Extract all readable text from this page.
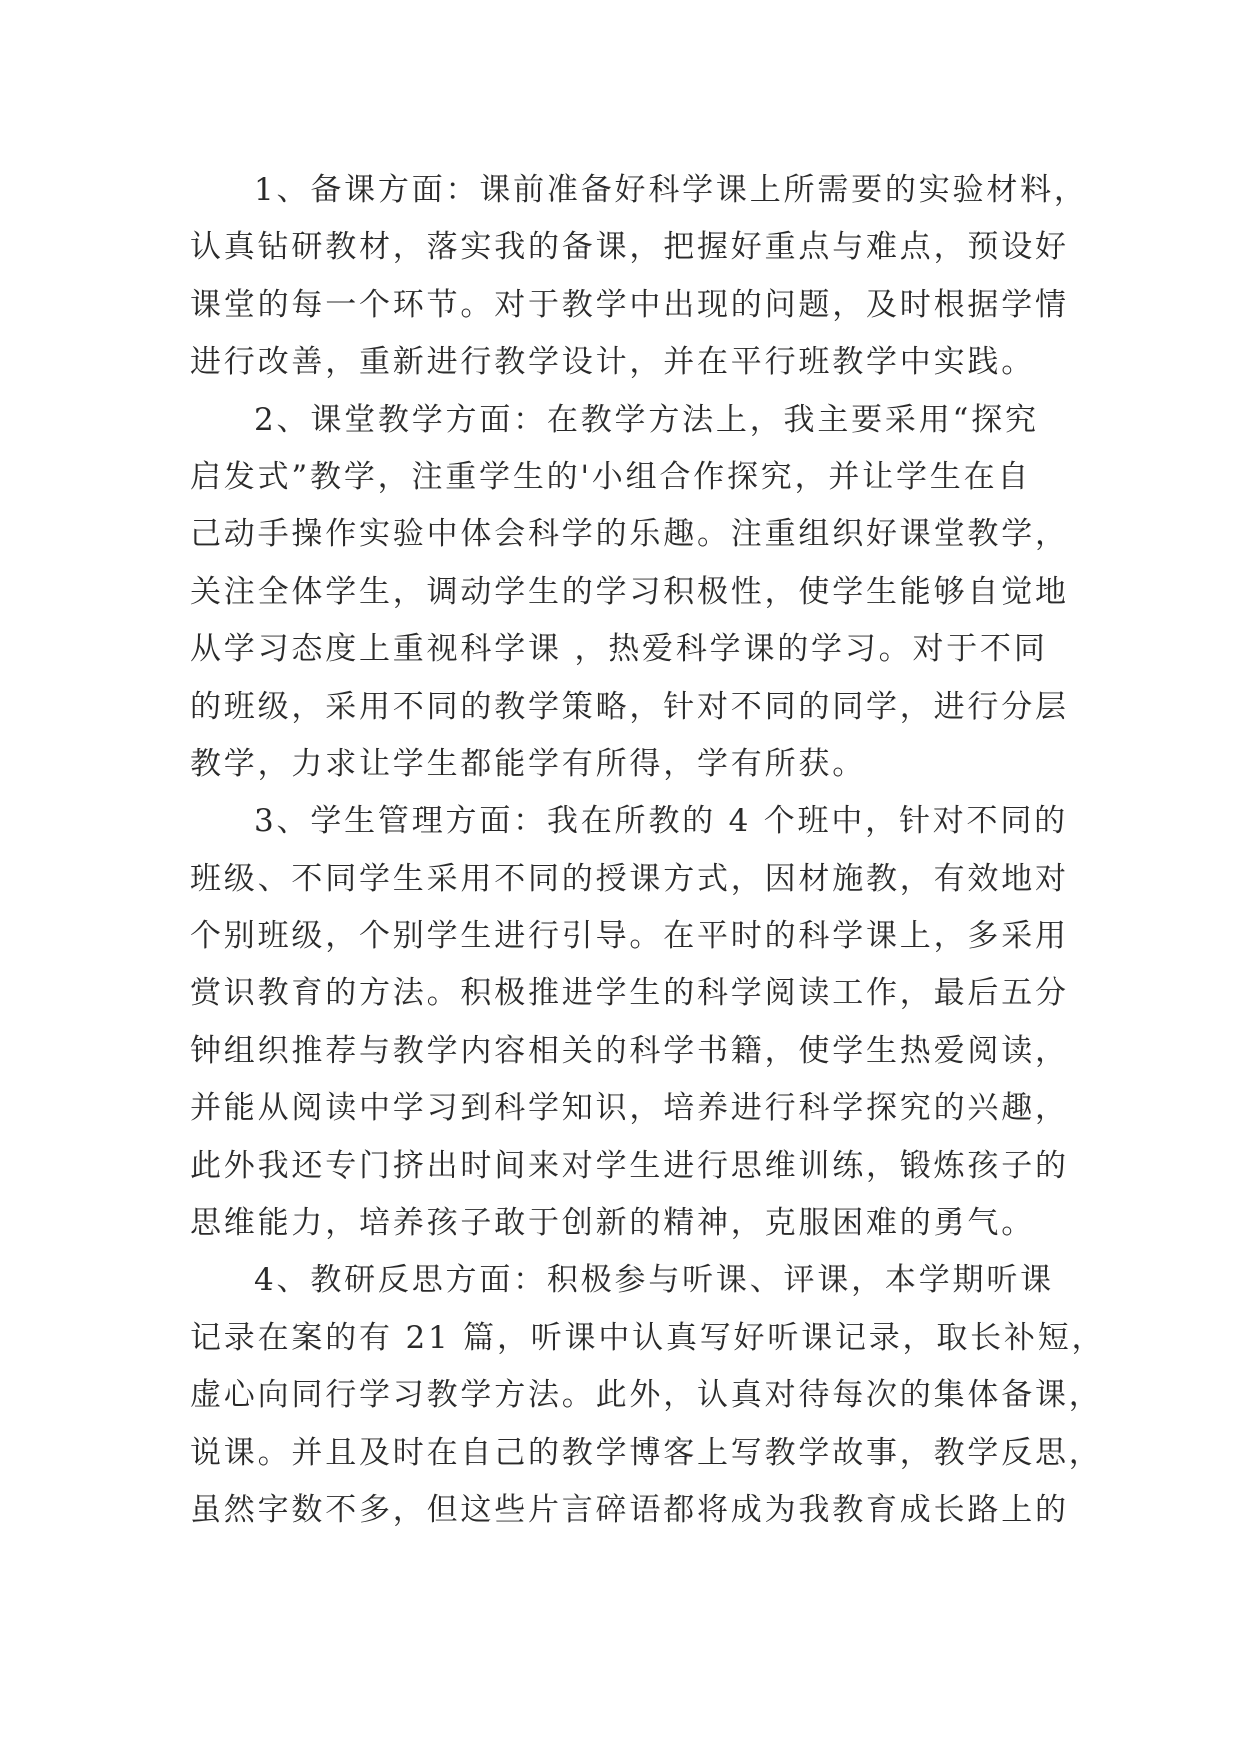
1、备课方面：课前准备好科学课上所需要的实验材料，
认真钻研教材，落实我的备课，把握好重点与难点，预设好
课堂的每一个环节。对于教学中出现的问题，及时根据学情
进行改善，重新进行教学设计，并在平行班教学中实践。
2、课堂教学方面：在教学方法上，我主要采用“探究
启发式”教学，注重学生的'小组合作探究，并让学生在自
己动手操作实验中体会科学的乐趣。注重组织好课堂教学，
关注全体学生，调动学生的学习积极性，使学生能够自觉地
从学习态度上重视科学课 ，热爱科学课的学习。对于不同
的班级，采用不同的教学策略，针对不同的同学，进行分层
教学，力求让学生都能学有所得，学有所获。
3、学生管理方面：我在所教的 4 个班中，针对不同的
班级、不同学生采用不同的授课方式，因材施教，有效地对
个别班级，个别学生进行引导。在平时的科学课上，多采用
赏识教育的方法。积极推进学生的科学阅读工作，最后五分
钟组织推荐与教学内容相关的科学书籍，使学生热爱阅读，
并能从阅读中学习到科学知识，培养进行科学探究的兴趣，
此外我还专门挤出时间来对学生进行思维训练，锻炼孩子的
思维能力，培养孩子敢于创新的精神，克服困难的勇气。
4、教研反思方面：积极参与听课、评课，本学期听课
记录在案的有 21 篇，听课中认真写好听课记录，取长补短，
虚心向同行学习教学方法。此外，认真对待每次的集体备课，
说课。并且及时在自己的教学博客上写教学故事，教学反思，
虽然字数不多，但这些片言碎语都将成为我教育成长路上的
